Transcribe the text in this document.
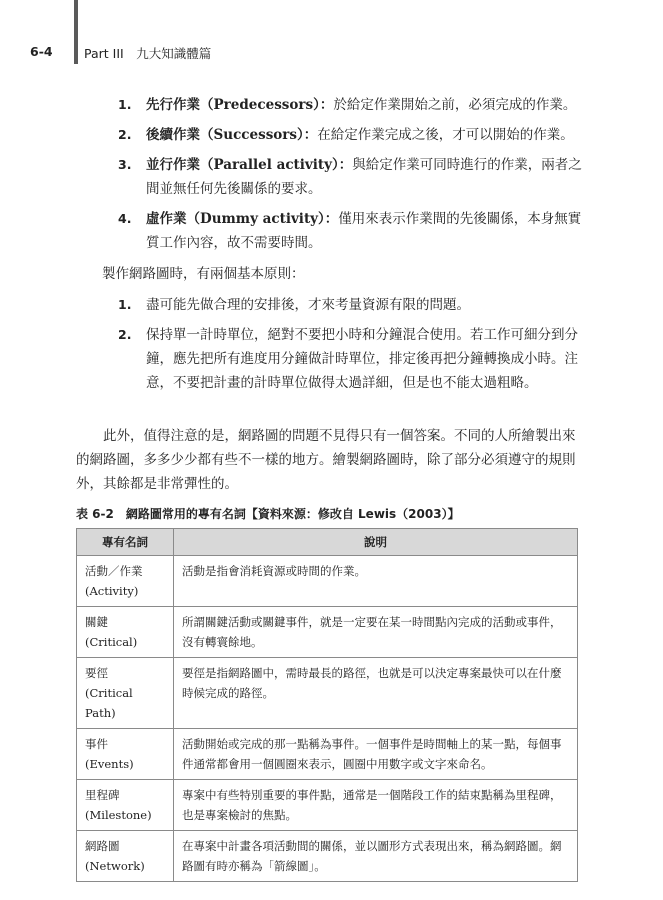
6-4	Part III　九大知識體篇
1. 先行作業（Predecessors）：於給定作業開始之前，必須完成的作業。
2. 後續作業（Successors）：在給定作業完成之後，才可以開始的作業。
3. 並行作業（Parallel activity）：與給定作業可同時進行的作業，兩者之間並無任何先後關係的要求。
4. 虛作業（Dummy activity）：僅用來表示作業間的先後關係，本身無實質工作內容，故不需要時間。
製作網路圖時，有兩個基本原則：
1. 盡可能先做合理的安排後，才來考量資源有限的問題。
2. 保持單一計時單位，絕對不要把小時和分鐘混合使用。若工作可細分到分鐘，應先把所有進度用分鐘做計時單位，排定後再把分鐘轉換成小時。注意，不要把計畫的計時單位做得太過詳細，但是也不能太過粗略。
此外，值得注意的是，網路圖的問題不見得只有一個答案。不同的人所繪製出來的網路圖，多多少少都有些不一樣的地方。繪製網路圖時，除了部分必須遵守的規則外，其餘都是非常彈性的。
表 6-2　網路圖常用的專有名詞【資料來源：修改自 Lewis（2003）】
專有名詞	說明
活動／作業
(Activity)	活動是指會消耗資源或時間的作業。
關鍵
(Critical)	所謂關鍵活動或關鍵事件，就是一定要在某一時間點內完成的活動或事件，沒有轉寰餘地。
要徑
(Critical Path)	要徑是指網路圖中，需時最長的路徑，也就是可以決定專案最快可以在什麼時候完成的路徑。
事件
(Events)	活動開始或完成的那一點稱為事件。一個事件是時間軸上的某一點，每個事件通常都會用一個圓圈來表示，圓圈中用數字或文字來命名。
里程碑
(Milestone)	專案中有些特別重要的事件點，通常是一個階段工作的結束點稱為里程碑，也是專案檢討的焦點。
網路圖
(Network)	在專案中計畫各項活動間的關係，並以圖形方式表現出來，稱為網路圖。網路圖有時亦稱為「箭線圖」。
